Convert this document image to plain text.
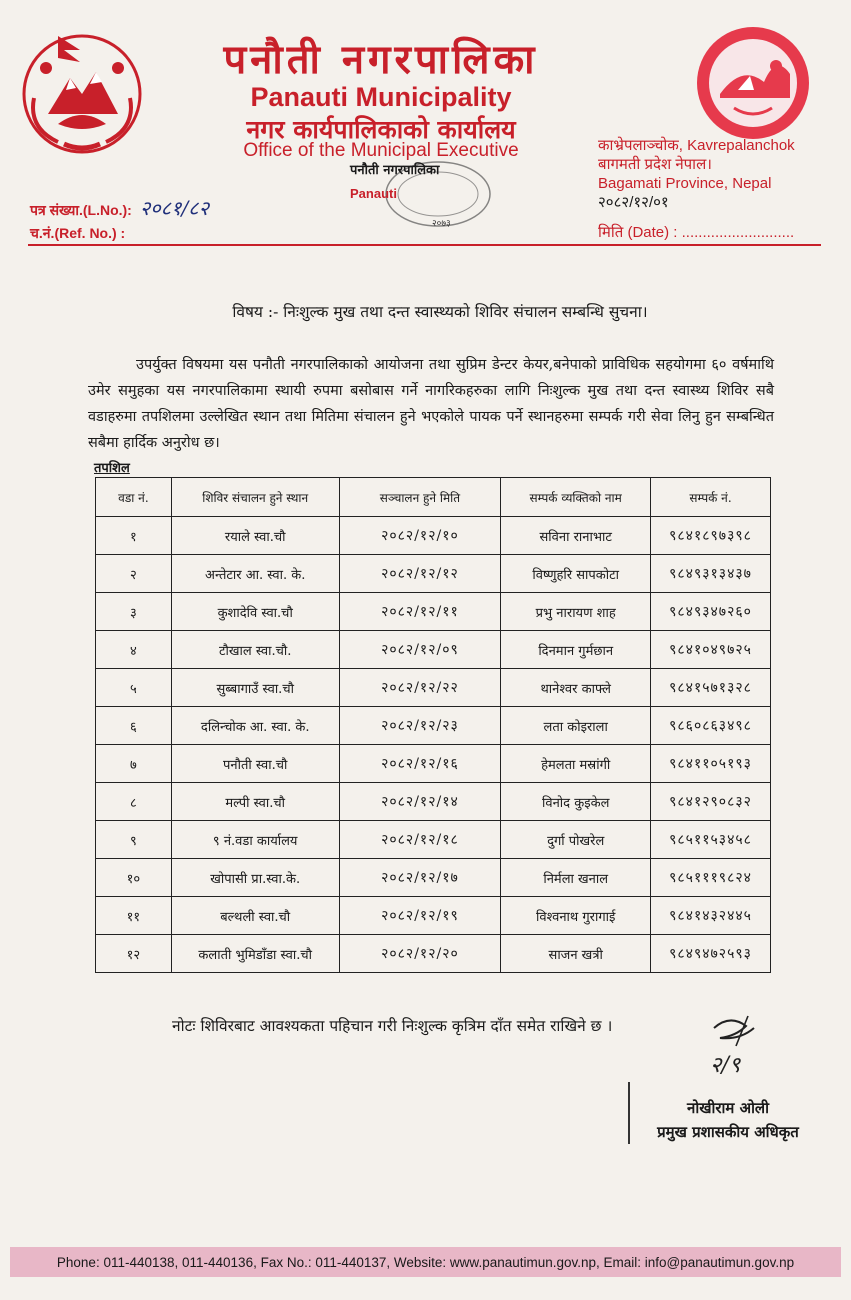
पनौती नगरपालिका
Panauti Municipality
नगर कार्यपालिकाको कार्यालय
Office of the Municipal Executive	काभ्रेपलाञ्चोक, Kavrepalanchok
बागमती प्रदेश नेपाल।
Bagamati Province, Nepal
२०८२/१२/०१
पनौती नगरपालिका
Panauti
२०७३
पत्र संख्या.(L.No.): २०८१/८२
च.नं.(Ref. No.) :	मिति (Date) : ...........................
विषय :- निःशुल्क मुख तथा दन्त स्वास्थ्यको शिविर संचालन सम्बन्धि सुचना।
उपर्युक्त विषयमा यस पनौती नगरपालिकाको आयोजना तथा सुप्रिम डेन्टर केयर,बनेपाको प्राविधिक सहयोगमा ६० वर्षमाथि उमेर समुहका यस नगरपालिकामा स्थायी रुपमा बसोबास गर्ने नागरिकहरुका लागि निःशुल्क मुख तथा दन्त स्वास्थ्य शिविर सबै वडाहरुमा तपशिलमा उल्लेखित स्थान तथा मितिमा संचालन हुने भएकोले पायक पर्ने स्थानहरुमा सम्पर्क गरी सेवा लिनु हुन सम्बन्धित सबैमा हार्दिक अनुरोध छ।
तपशिल
वडा नं.	शिविर संचालन हुने स्थान	सञ्चालन हुने मिति	सम्पर्क व्यक्तिको नाम	सम्पर्क नं.
१	रयाले स्वा.चौ	२०८२/१२/१०	सविना रानाभाट	९८४१८९७३९८
२	अन्तेटार आ. स्वा. के.	२०८२/१२/१२	विष्णुहरि सापकोटा	९८४९३१३४३७
३	कुशादेवि स्वा.चौ	२०८२/१२/११	प्रभु नारायण शाह	९८४९३४७२६०
४	टौखाल स्वा.चौ.	२०८२/१२/०९	दिनमान गुर्मछान	९८४१०४९७२५
५	सुब्बागाउँ स्वा.चौ	२०८२/१२/२२	थानेश्वर काफ्ले	९८४१५७१३२८
६	दलिन्चोक आ. स्वा. के.	२०८२/१२/२३	लता कोइराला	९८६०८६३४९८
७	पनौती स्वा.चौ	२०८२/१२/१६	हेमलता मस्रांगी	९८४११०५१९३
८	मल्पी स्वा.चौ	२०८२/१२/१४	विनोद कुइकेल	९८४१२९०८३२
९	९ नं.वडा कार्यालय	२०८२/१२/१८	दुर्गा पोखरेल	९८५११५३४५८
१०	खोपासी प्रा.स्वा.के.	२०८२/१२/१७	निर्मला खनाल	९८५१११९८२४
११	बल्थली स्वा.चौ	२०८२/१२/१९	विश्वनाथ गुरागाई	९८४१४३२४४५
१२	कलाती भुमिडाँडा स्वा.चौ	२०८२/१२/२०	साजन खत्री	९८४९४७२५९३
नोटः शिविरबाट आवश्यकता पहिचान गरी निःशुल्क कृत्रिम दाँत समेत राखिने छ ।
२/९
नोखीराम ओली
प्रमुख प्रशासकीय अधिकृत
Phone: 011-440138, 011-440136, Fax No.: 011-440137, Website: www.panautimun.gov.np, Email: info@panautimun.gov.np
